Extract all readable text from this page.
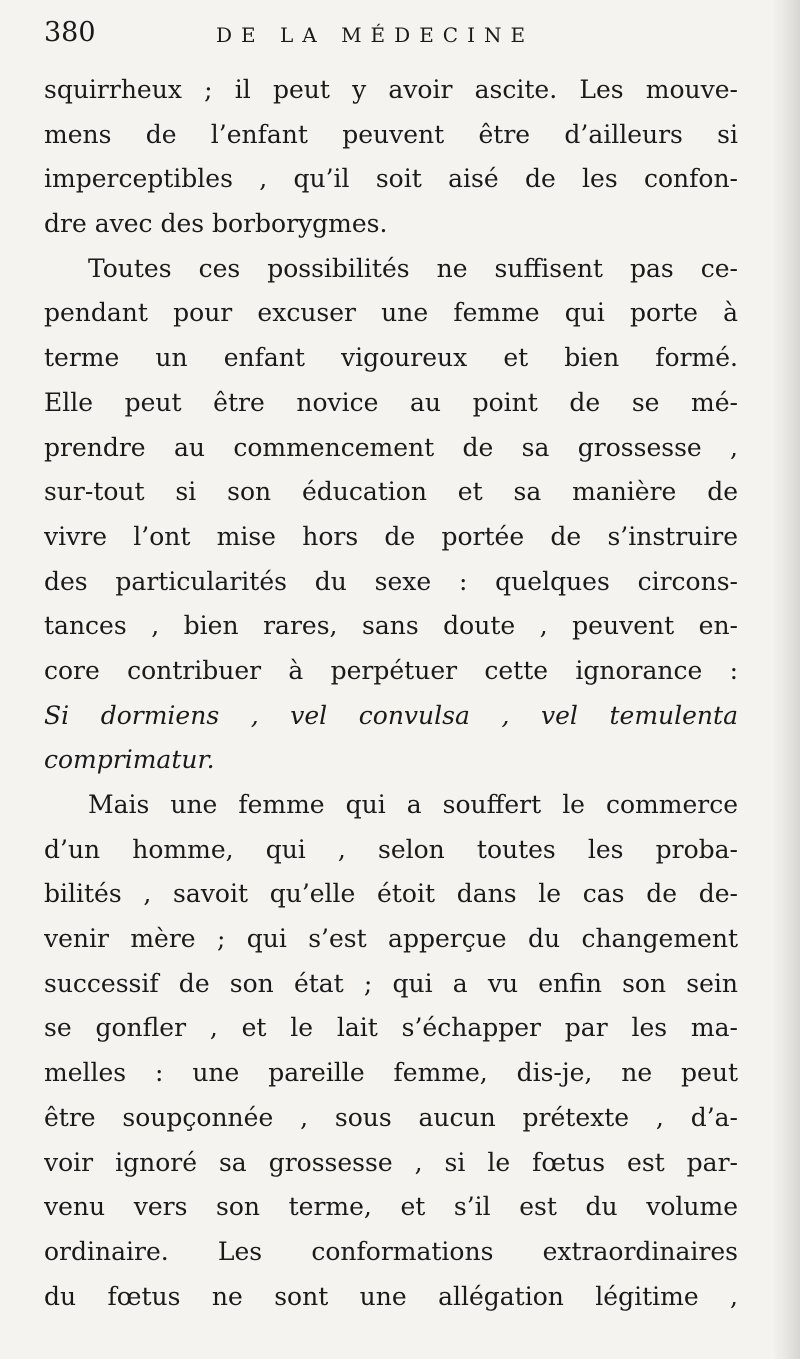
380	DE LA MÉDECINE
squirrheux ; il peut y avoir ascite. Les mouve-
mens de l’enfant peuvent être d’ailleurs si
imperceptibles , qu’il soit aisé de les confon-
dre avec des borborygmes.
Toutes ces possibilités ne suffisent pas ce-
pendant pour excuser une femme qui porte à
terme un enfant vigoureux et bien formé.
Elle peut être novice au point de se mé-
prendre au commencement de sa grossesse ,
sur-tout si son éducation et sa manière de
vivre l’ont mise hors de portée de s’instruire
des particularités du sexe : quelques circons-
tances , bien rares, sans doute , peuvent en-
core contribuer à perpétuer cette ignorance :
Si dormiens , vel convulsa , vel temulenta
comprimatur.
Mais une femme qui a souffert le commerce
d’un homme, qui , selon toutes les proba-
bilités , savoit qu’elle étoit dans le cas de de-
venir mère ; qui s’est apperçue du changement
successif de son état ; qui a vu enfin son sein
se gonfler , et le lait s’échapper par les ma-
melles : une pareille femme, dis-je, ne peut
être soupçonnée , sous aucun prétexte , d’a-
voir ignoré sa grossesse , si le fœtus est par-
venu vers son terme, et s’il est du volume
ordinaire. Les conformations extraordinaires
du fœtus ne sont une allégation légitime ,
